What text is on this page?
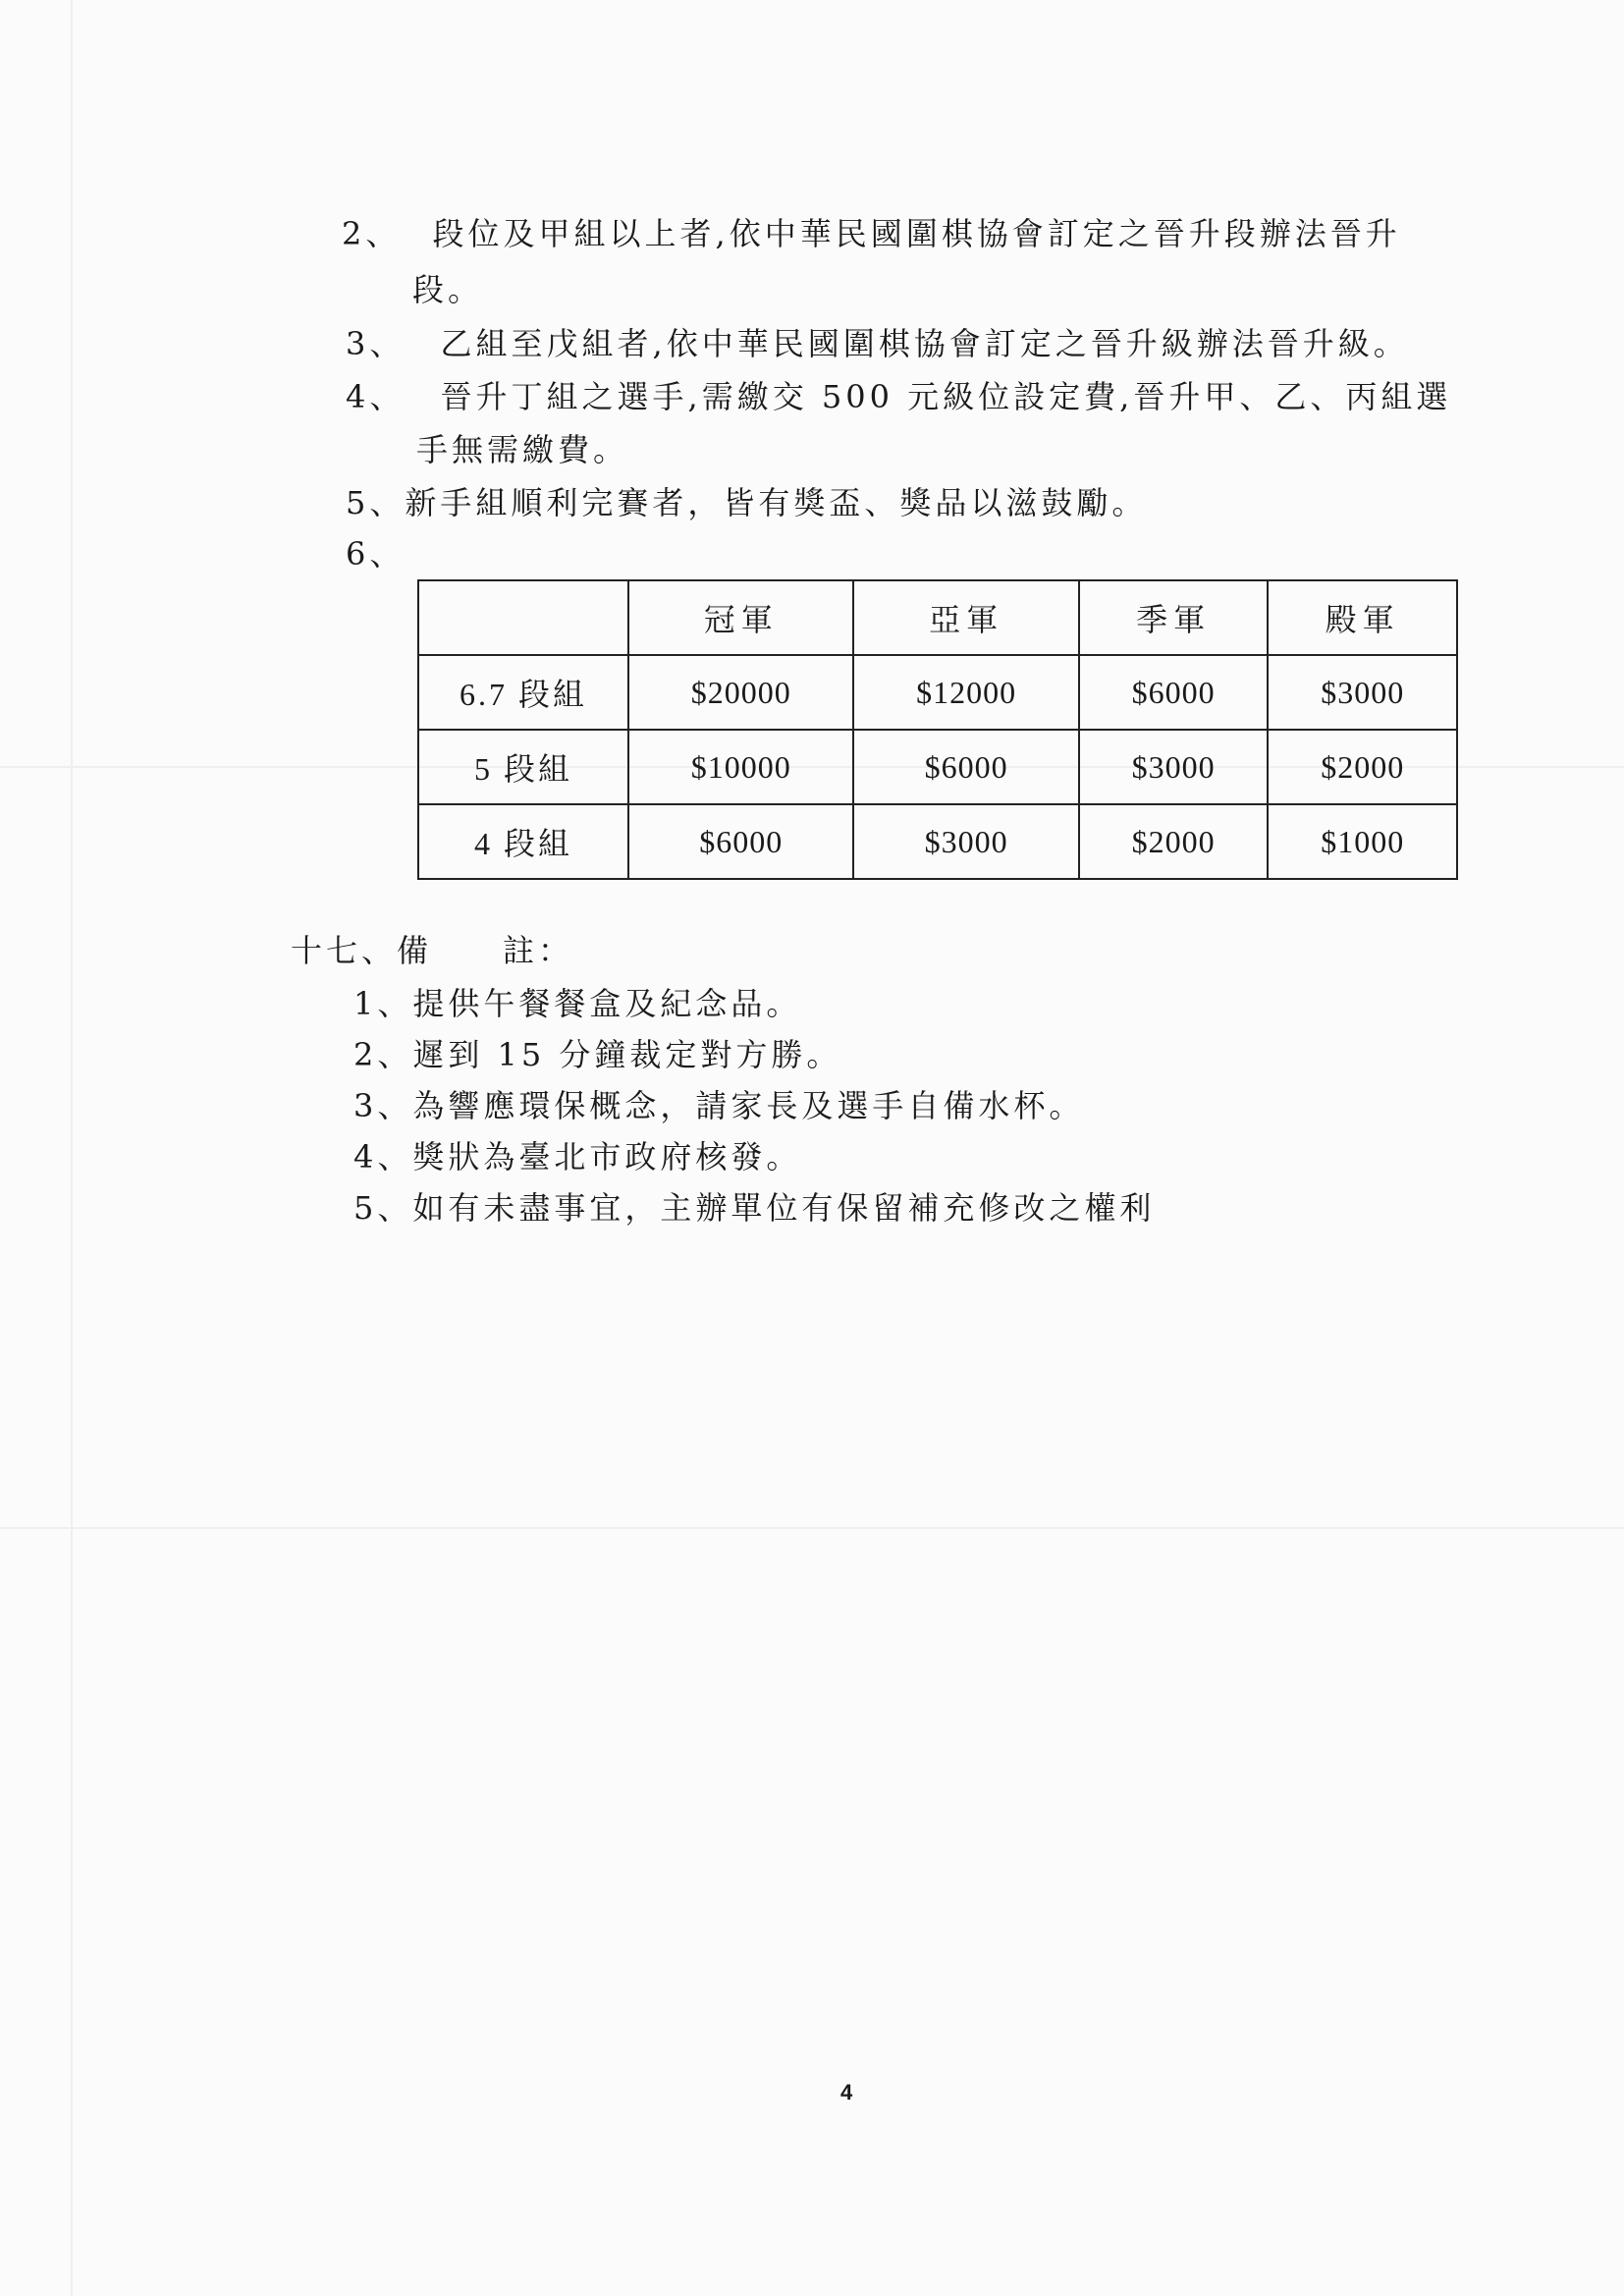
2、 段位及甲組以上者,依中華民國圍棋協會訂定之晉升段辦法晉升
段。
3、 乙組至戊組者,依中華民國圍棋協會訂定之晉升級辦法晉升級。
4、 晉升丁組之選手,需繳交 500 元級位設定費,晉升甲、乙、丙組選
手無需繳費。
5、新手組順利完賽者，皆有獎盃、獎品以滋鼓勵。
6、
	冠軍	亞軍	季軍	殿軍
6.7 段組	$20000	$12000	$6000	$3000
5 段組	$10000	$6000	$3000	$2000
4 段組	$6000	$3000	$2000	$1000
十七、備　　註：
1、提供午餐餐盒及紀念品。
2、遲到 15 分鐘裁定對方勝。
3、為響應環保概念，請家長及選手自備水杯。
4、獎狀為臺北市政府核發。
5、如有未盡事宜，主辦單位有保留補充修改之權利
4
